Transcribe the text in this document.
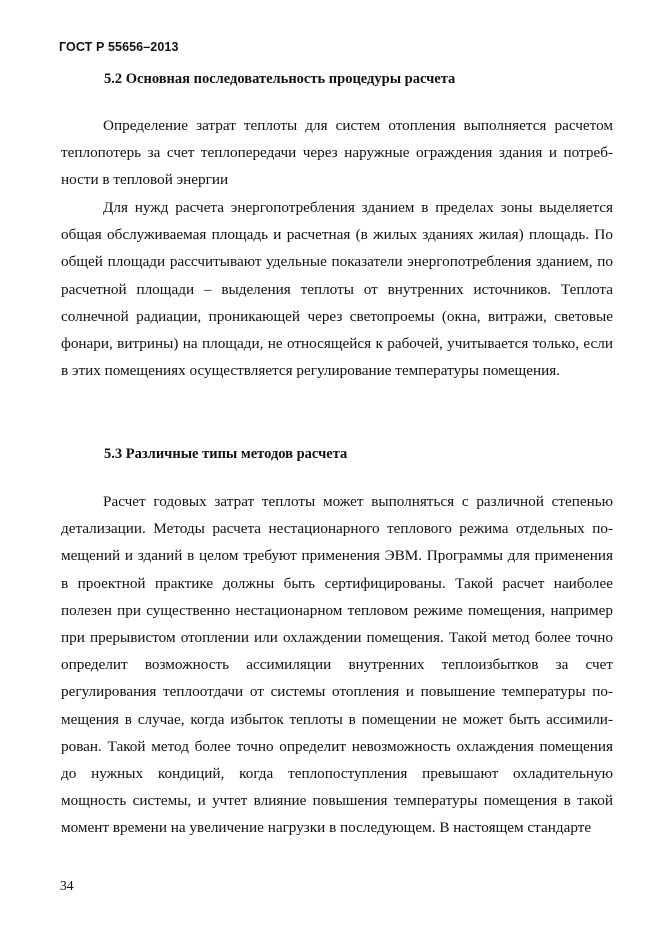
ГОСТ Р 55656–2013
5.2 Основная последовательность процедуры расчета

Определение затрат теплоты для систем отопления выполняется расчетом теплопотерь за счет теплопередачи через наружные ограждения здания и потребности в тепловой энергии

Для нужд расчета энергопотребления зданием в пределах зоны выделяется общая обслуживаемая площадь и расчетная (в жилых зданиях жилая) площадь. По общей площади рассчитывают удельные показатели энергопотребления зданием, по расчетной площади – выделения теплоты от внутренних источников. Теплота солнечной радиации, проникающей через светопроемы (окна, витражи, световые фонари, витрины) на площади, не относящейся к рабочей, учитывается только, если в этих помещениях осуществляется регулирование температуры помещения.

5.3 Различные типы методов расчета

Расчет годовых затрат теплоты может выполняться с различной степенью детализации. Методы расчета нестационарного теплового режима отдельных помещений и зданий в целом требуют применения ЭВМ. Программы для применения в проектной практике должны быть сертифицированы. Такой расчет наиболее полезен при существенно нестационарном тепловом режиме помещения, например при прерывистом отоплении или охлаждении помещения. Такой метод более точно определит возможность ассимиляции внутренних теплоизбытков за счет регулирования теплоотдачи от системы отопления и повышение температуры помещения в случае, когда избыток теплоты в помещении не может быть ассимилирован. Такой метод более точно определит невозможность охлаждения помещения до нужных кондиций, когда теплопоступления превышают охладительную мощность системы, и учтет влияние повышения температуры помещения в такой момент времени на увеличение нагрузки в последующем. В настоящем стандарте

34
